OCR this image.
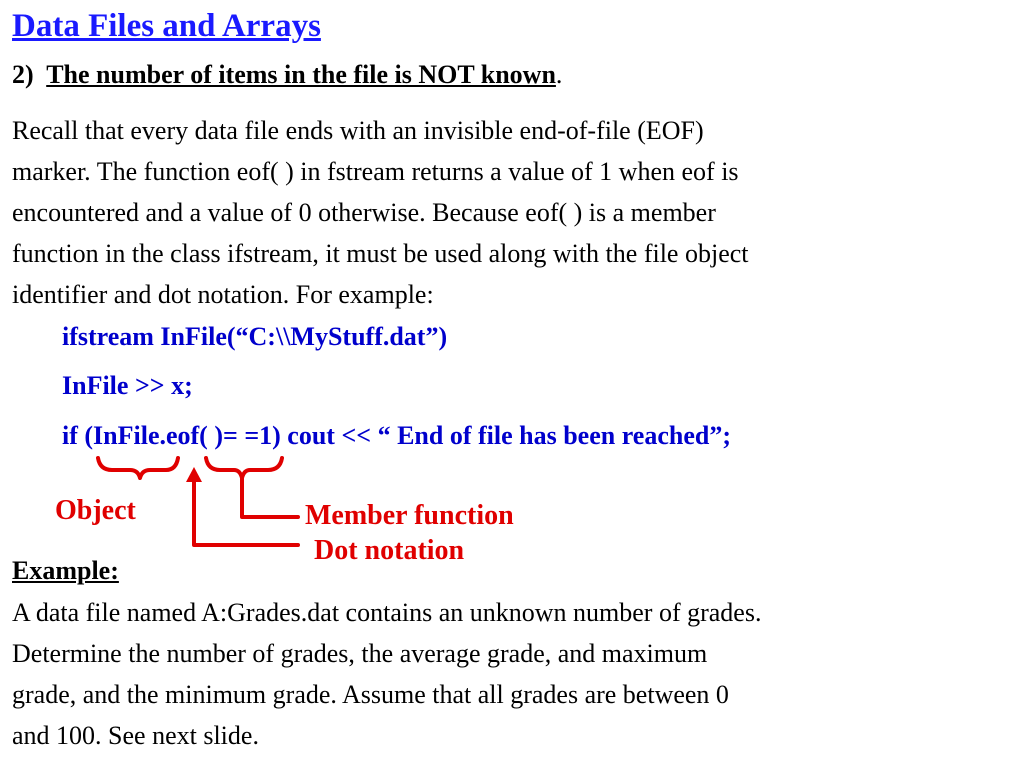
Data Files and Arrays
2) The number of items in the file is NOT known.
Recall that every data file ends with an invisible end-of-file (EOF)
marker. The function eof( ) in fstream returns a value of 1 when eof is
encountered and a value of 0 otherwise. Because eof( ) is a member
function in the class ifstream, it must be used along with the file object
identifier and dot notation. For example:
ifstream InFile(“C:\\MyStuff.dat”)
InFile >> x;
if (InFile.eof( )= =1) cout << “ End of file has been reached”;
Object	Member function
Dot notation
Example:
A data file named A:Grades.dat contains an unknown number of grades.
Determine the number of grades, the average grade, and maximum
grade, and the minimum grade. Assume that all grades are between 0
and 100. See next slide.
